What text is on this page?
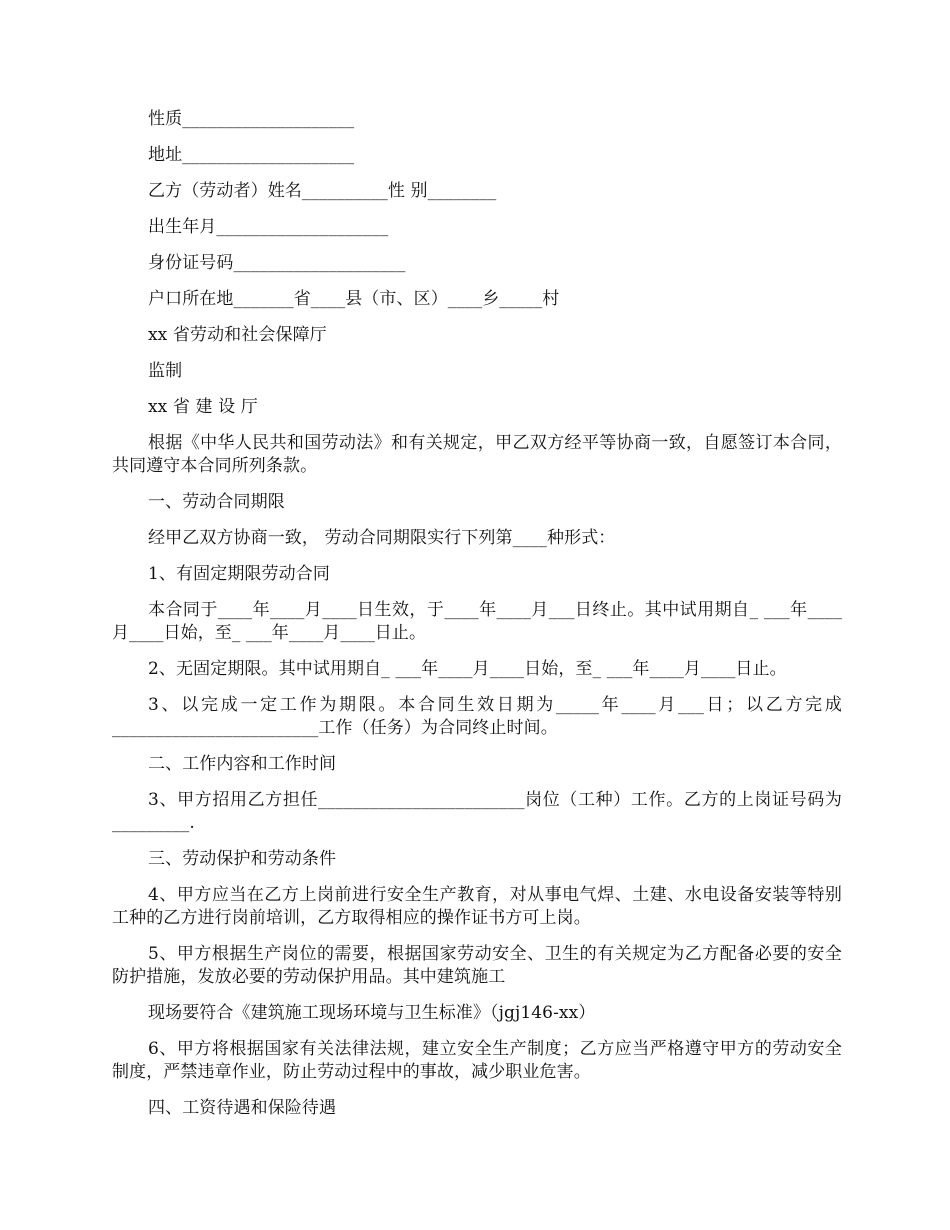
性质____________________

地址____________________

乙方（劳动者）姓名__________性 别________

出生年月____________________

身份证号码____________________

户口所在地_______省____县（市、区）____乡_____村

xx 省劳动和社会保障厅

监制

xx 省 建 设 厅

根据《中华人民共和国劳动法》和有关规定，甲乙双方经平等协商一致，自愿签订本合同，共同遵守本合同所列条款。

一、劳动合同期限

经甲乙双方协商一致， 劳动合同期限实行下列第____种形式：

1、有固定期限劳动合同

本合同于____年____月____日生效，于____年____月___日终止。其中试用期自_ ___年____月____日始，至_ ___年____月____日止。

2、无固定期限。其中试用期自_ ___年____月____日始，至_ ___年____月____日止。

3、以完成一定工作为期限。本合同生效日期为_____年____月___日；以乙方完成________________________工作（任务）为合同终止时间。

二、工作内容和工作时间

3、甲方招用乙方担任________________________岗位（工种）工作。乙方的上岗证号码为_________.

三、劳动保护和劳动条件

4、甲方应当在乙方上岗前进行安全生产教育，对从事电气焊、土建、水电设备安装等特别工种的乙方进行岗前培训，乙方取得相应的操作证书方可上岗。

5、甲方根据生产岗位的需要，根据国家劳动安全、卫生的有关规定为乙方配备必要的安全防护措施，发放必要的劳动保护用品。其中建筑施工

现场要符合《建筑施工现场环境与卫生标准》（jgj146-xx）

6、甲方将根据国家有关法律法规，建立安全生产制度；乙方应当严格遵守甲方的劳动安全制度，严禁违章作业，防止劳动过程中的事故，减少职业危害。

四、工资待遇和保险待遇
